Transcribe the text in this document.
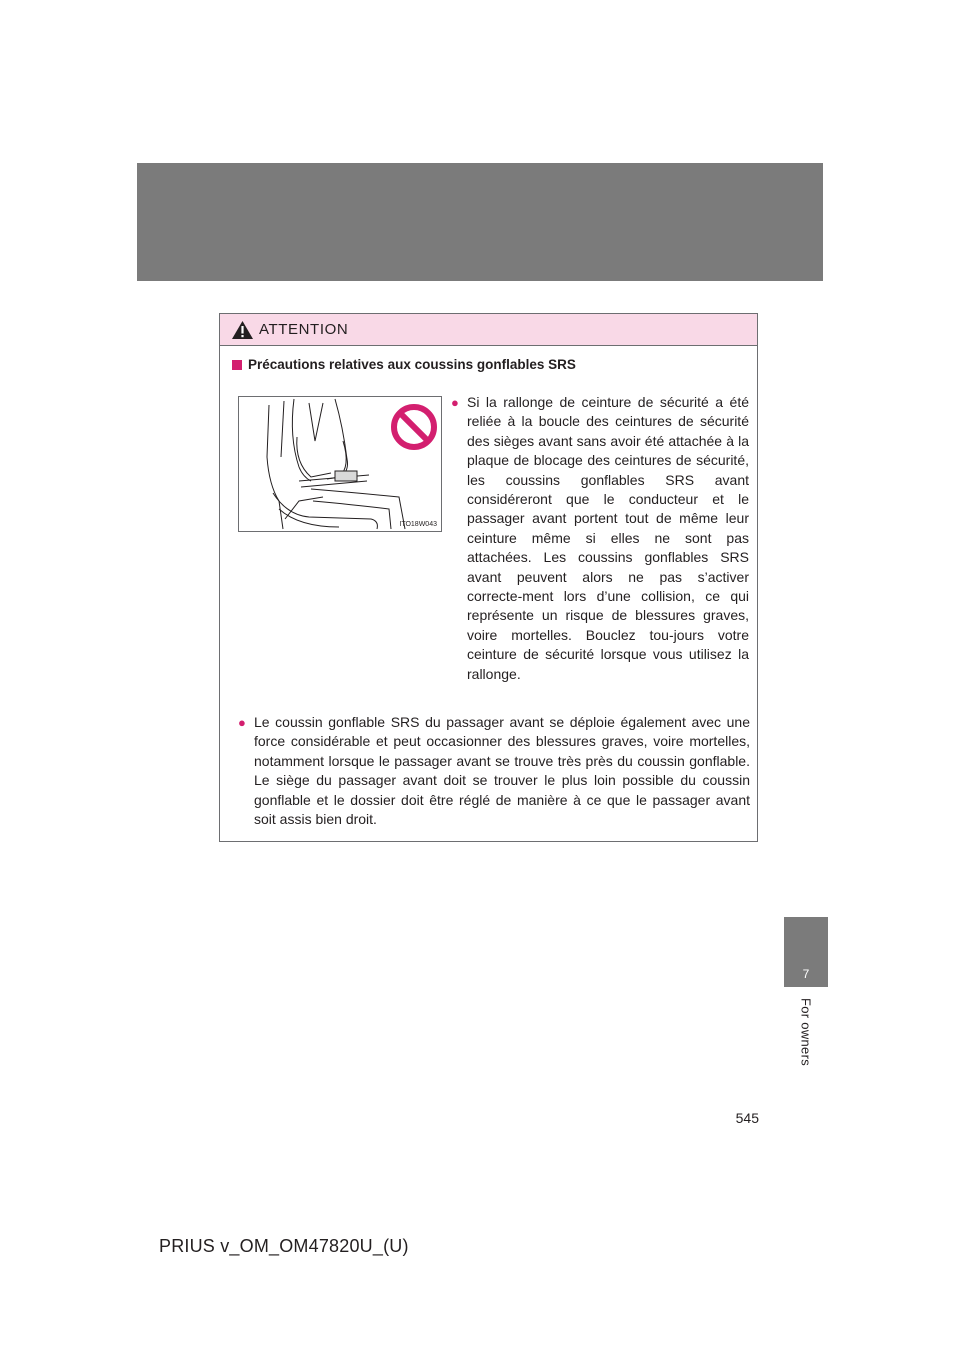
ATTENTION
Précautions relatives aux coussins gonflables SRS
ITO18W043
● Si la rallonge de ceinture de sécurité a été reliée à la boucle des ceintures de sécurité des sièges avant sans avoir été attachée à la plaque de blocage des ceintures de sécurité, les coussins gonflables SRS avant considéreront que le conducteur et le passager avant portent tout de même leur ceinture même si elles ne sont pas attachées. Les coussins gonflables SRS avant peuvent alors ne pas s’activer correcte-ment lors d’une collision, ce qui représente un risque de blessures graves, voire mortelles. Bouclez tou-jours votre ceinture de sécurité lorsque vous utilisez la rallonge.
● Le coussin gonflable SRS du passager avant se déploie également avec une force considérable et peut occasionner des blessures graves, voire mortelles, notamment lorsque le passager avant se trouve très près du coussin gonflable. Le siège du passager avant doit se trouver le plus loin possible du coussin gonflable et le dossier doit être réglé de manière à ce que le passager avant soit assis bien droit.
7
For owners
545
PRIUS v_OM_OM47820U_(U)
